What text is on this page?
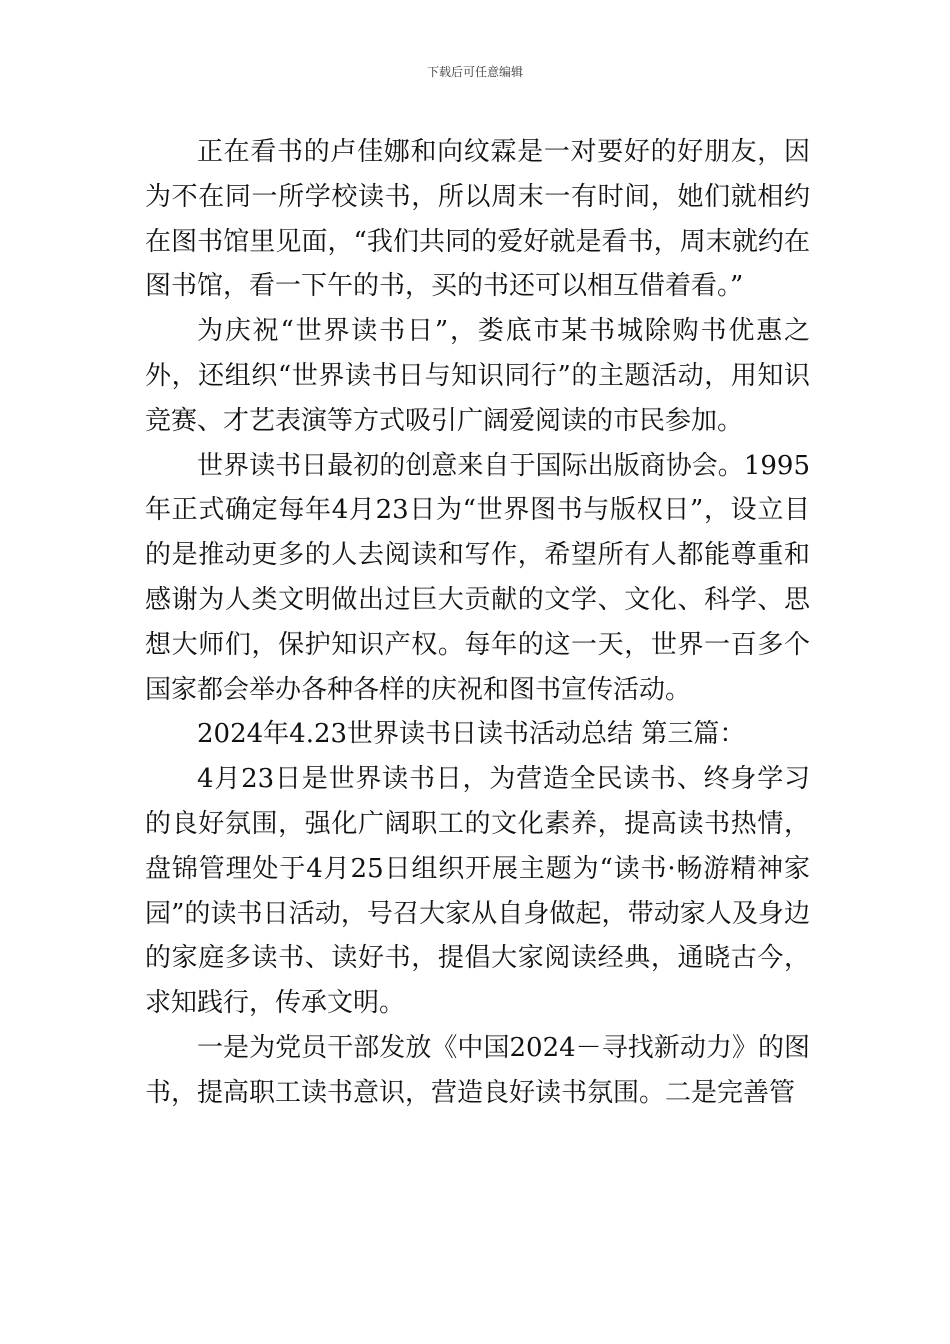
下载后可任意编辑

正在看书的卢佳娜和向纹霖是一对要好的好朋友，因为不在同一所学校读书，所以周末一有时间，她们就相约在图书馆里见面，“我们共同的爱好就是看书，周末就约在图书馆，看一下午的书，买的书还可以相互借着看。”

为庆祝“世界读书日”，娄底市某书城除购书优惠之外，还组织“世界读书日与知识同行”的主题活动，用知识竞赛、才艺表演等方式吸引广阔爱阅读的市民参加。

世界读书日最初的创意来自于国际出版商协会。1995年正式确定每年4月23日为“世界图书与版权日”，设立目的是推动更多的人去阅读和写作，希望所有人都能尊重和感谢为人类文明做出过巨大贡献的文学、文化、科学、思想大师们，保护知识产权。每年的这一天，世界一百多个国家都会举办各种各样的庆祝和图书宣传活动。

2024年4.23世界读书日读书活动总结 第三篇：

4月23日是世界读书日，为营造全民读书、终身学习的良好氛围，强化广阔职工的文化素养，提高读书热情，盘锦管理处于4月25日组织开展主题为“读书·畅游精神家园”的读书日活动，号召大家从自身做起，带动家人及身边的家庭多读书、读好书，提倡大家阅读经典，通晓古今，求知践行，传承文明。

一是为党员干部发放《中国2024－寻找新动力》的图书，提高职工读书意识，营造良好读书氛围。二是完善管
